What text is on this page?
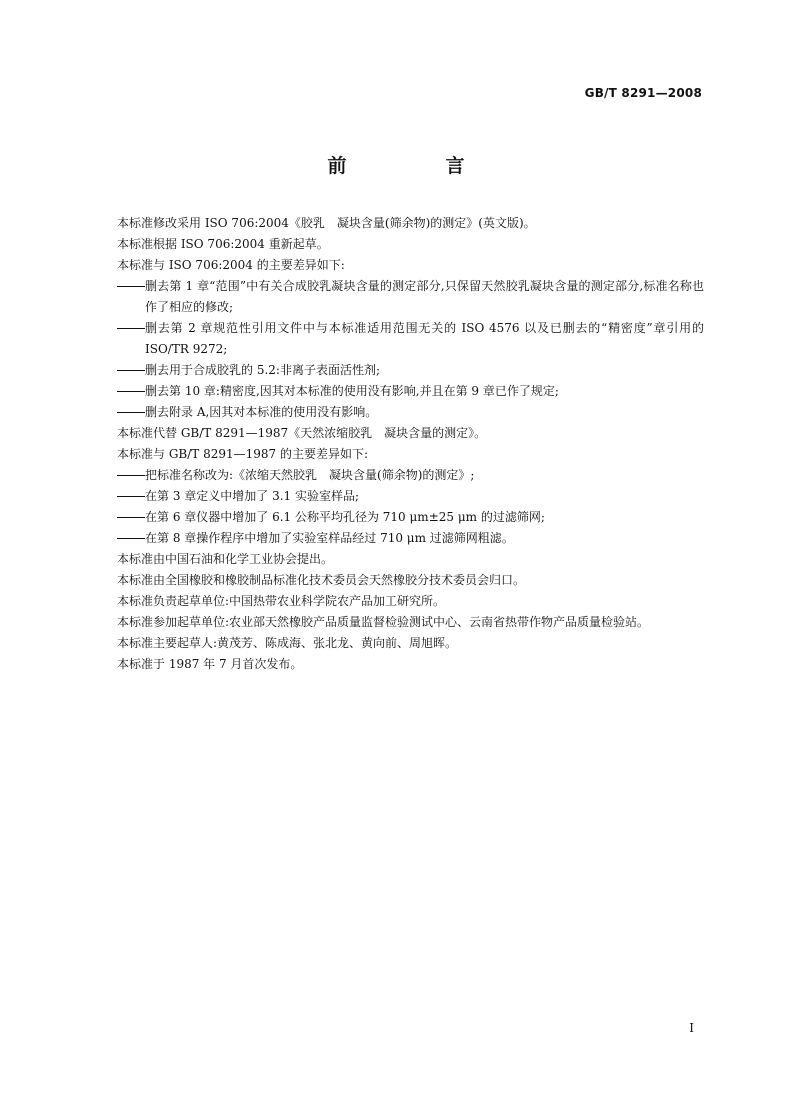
GB/T 8291—2008
前　言

本标准修改采用 ISO 706:2004《胶乳　凝块含量(筛余物)的测定》(英文版)。

本标准根据 ISO 706:2004 重新起草。

本标准与 ISO 706:2004 的主要差异如下:

删去第 1 章“范围”中有关合成胶乳凝块含量的测定部分,只保留天然胶乳凝块含量的测定部分,标准名称也作了相应的修改;
删去第 2 章规范性引用文件中与本标准适用范围无关的 ISO 4576 以及已删去的“精密度”章引用的 ISO/TR 9272;
删去用于合成胶乳的 5.2:非离子表面活性剂;
删去第 10 章:精密度,因其对本标准的使用没有影响,并且在第 9 章已作了规定;
删去附录 A,因其对本标准的使用没有影响。

本标准代替 GB/T 8291—1987《天然浓缩胶乳　凝块含量的测定》。

本标准与 GB/T 8291—1987 的主要差异如下:

把标准名称改为:《浓缩天然胶乳　凝块含量(筛余物)的测定》;
在第 3 章定义中增加了 3.1 实验室样品;
在第 6 章仪器中增加了 6.1 公称平均孔径为 710 μm±25 μm 的过滤筛网;
在第 8 章操作程序中增加了实验室样品经过 710 μm 过滤筛网粗滤。

本标准由中国石油和化学工业协会提出。

本标准由全国橡胶和橡胶制品标准化技术委员会天然橡胶分技术委员会归口。

本标准负责起草单位:中国热带农业科学院农产品加工研究所。

本标准参加起草单位:农业部天然橡胶产品质量监督检验测试中心、云南省热带作物产品质量检验站。

本标准主要起草人:黄茂芳、陈成海、张北龙、黄向前、周旭晖。

本标准于 1987 年 7 月首次发布。

I
